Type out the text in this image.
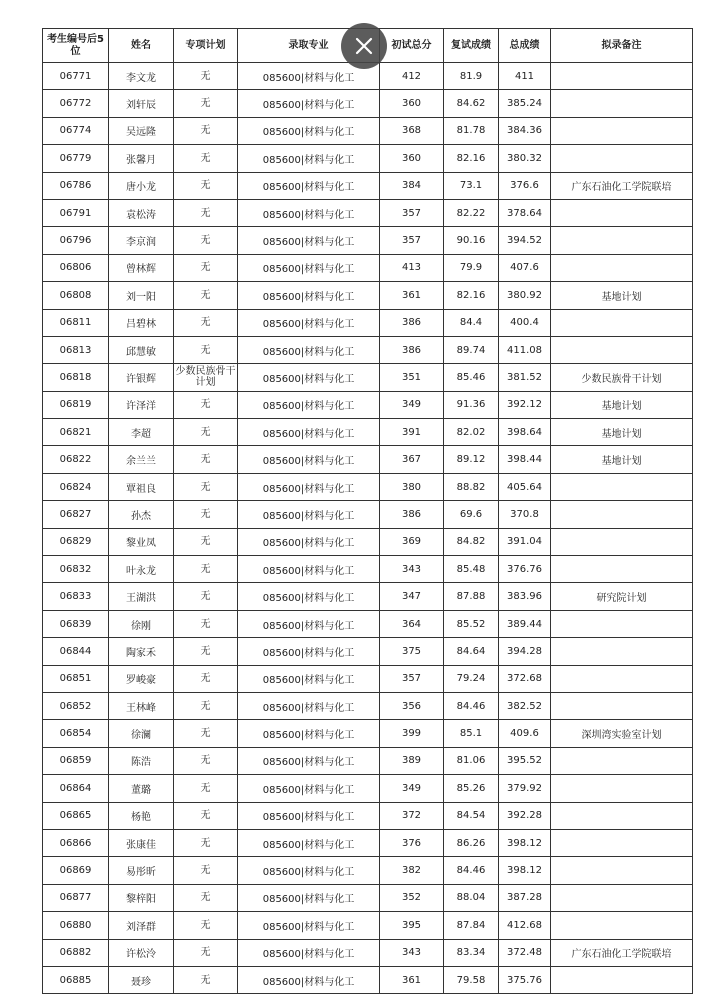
考生编号后5位	姓名	专项计划	录取专业	初试总分	复试成绩	总成绩	拟录备注
06771	李文龙	无	085600|材料与化工	412	81.9	411	
06772	刘轩辰	无	085600|材料与化工	360	84.62	385.24	
06774	吴远隆	无	085600|材料与化工	368	81.78	384.36	
06779	张馨月	无	085600|材料与化工	360	82.16	380.32	
06786	唐小龙	无	085600|材料与化工	384	73.1	376.6	广东石油化工学院联培
06791	袁松涛	无	085600|材料与化工	357	82.22	378.64	
06796	李京润	无	085600|材料与化工	357	90.16	394.52	
06806	曾林辉	无	085600|材料与化工	413	79.9	407.6	
06808	刘一阳	无	085600|材料与化工	361	82.16	380.92	基地计划
06811	吕碧林	无	085600|材料与化工	386	84.4	400.4	
06813	邱慧敏	无	085600|材料与化工	386	89.74	411.08	
06818	许银辉	少数民族骨干计划	085600|材料与化工	351	85.46	381.52	少数民族骨干计划
06819	许泽洋	无	085600|材料与化工	349	91.36	392.12	基地计划
06821	李超	无	085600|材料与化工	391	82.02	398.64	基地计划
06822	余兰兰	无	085600|材料与化工	367	89.12	398.44	基地计划
06824	覃祖良	无	085600|材料与化工	380	88.82	405.64	
06827	孙杰	无	085600|材料与化工	386	69.6	370.8	
06829	黎业凤	无	085600|材料与化工	369	84.82	391.04	
06832	叶永龙	无	085600|材料与化工	343	85.48	376.76	
06833	王湖洪	无	085600|材料与化工	347	87.88	383.96	研究院计划
06839	徐刚	无	085600|材料与化工	364	85.52	389.44	
06844	陶家禾	无	085600|材料与化工	375	84.64	394.28	
06851	罗峻豪	无	085600|材料与化工	357	79.24	372.68	
06852	王林峰	无	085600|材料与化工	356	84.46	382.52	
06854	徐澜	无	085600|材料与化工	399	85.1	409.6	深圳湾实验室计划
06859	陈浩	无	085600|材料与化工	389	81.06	395.52	
06864	董璐	无	085600|材料与化工	349	85.26	379.92	
06865	杨艳	无	085600|材料与化工	372	84.54	392.28	
06866	张康佳	无	085600|材料与化工	376	86.26	398.12	
06869	易彤昕	无	085600|材料与化工	382	84.46	398.12	
06877	黎梓阳	无	085600|材料与化工	352	88.04	387.28	
06880	刘泽群	无	085600|材料与化工	395	87.84	412.68	
06882	许松泠	无	085600|材料与化工	343	83.34	372.48	广东石油化工学院联培
06885	聂珍	无	085600|材料与化工	361	79.58	375.76	
